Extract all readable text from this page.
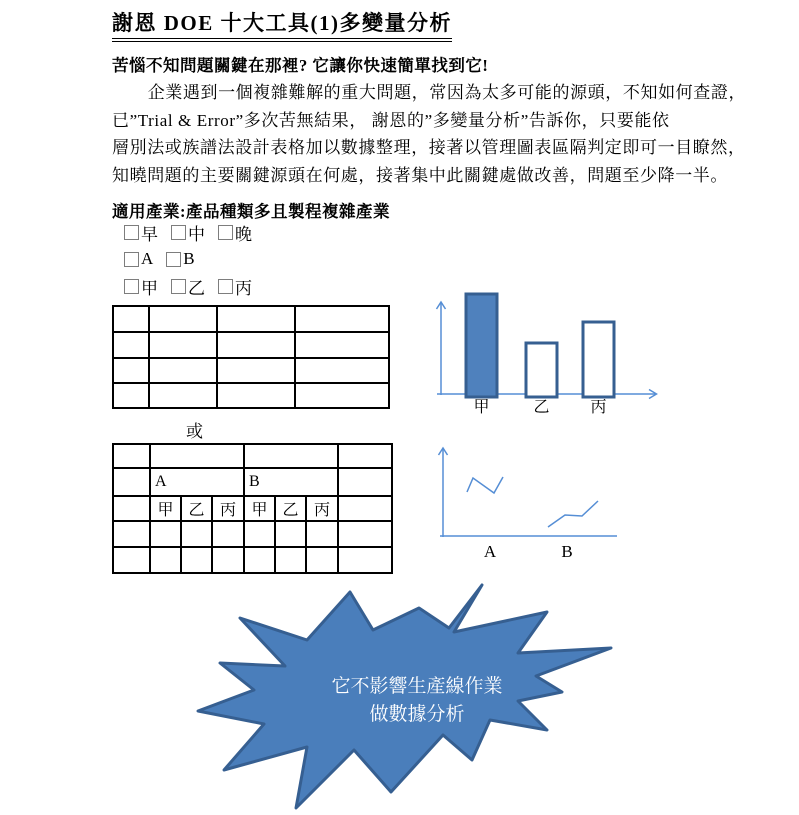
謝恩 DOE 十大工具(1)多變量分析
苦惱不知問題關鍵在那裡? 它讓你快速簡單找到它!
企業遇到一個複雜難解的重大問題，常因為太多可能的源頭，不知如何查證，
已”Trial & Error”多次苦無結果， 謝恩的”多變量分析”告訴你，只要能依
層別法或族譜法設計表格加以數據整理，接著以管理圖表區隔判定即可一目瞭然，
知曉問題的主要關鍵源頭在何處，接著集中此關鍵處做改善，問題至少降一半。
適用產業:產品種類多且製程複雜產業
早 中 晚
A B
甲 乙 丙

甲	乙	丙
或

	A			B			
	甲	乙	丙	甲	乙	丙	

A	B
它不影響生產線作業
做數據分析
